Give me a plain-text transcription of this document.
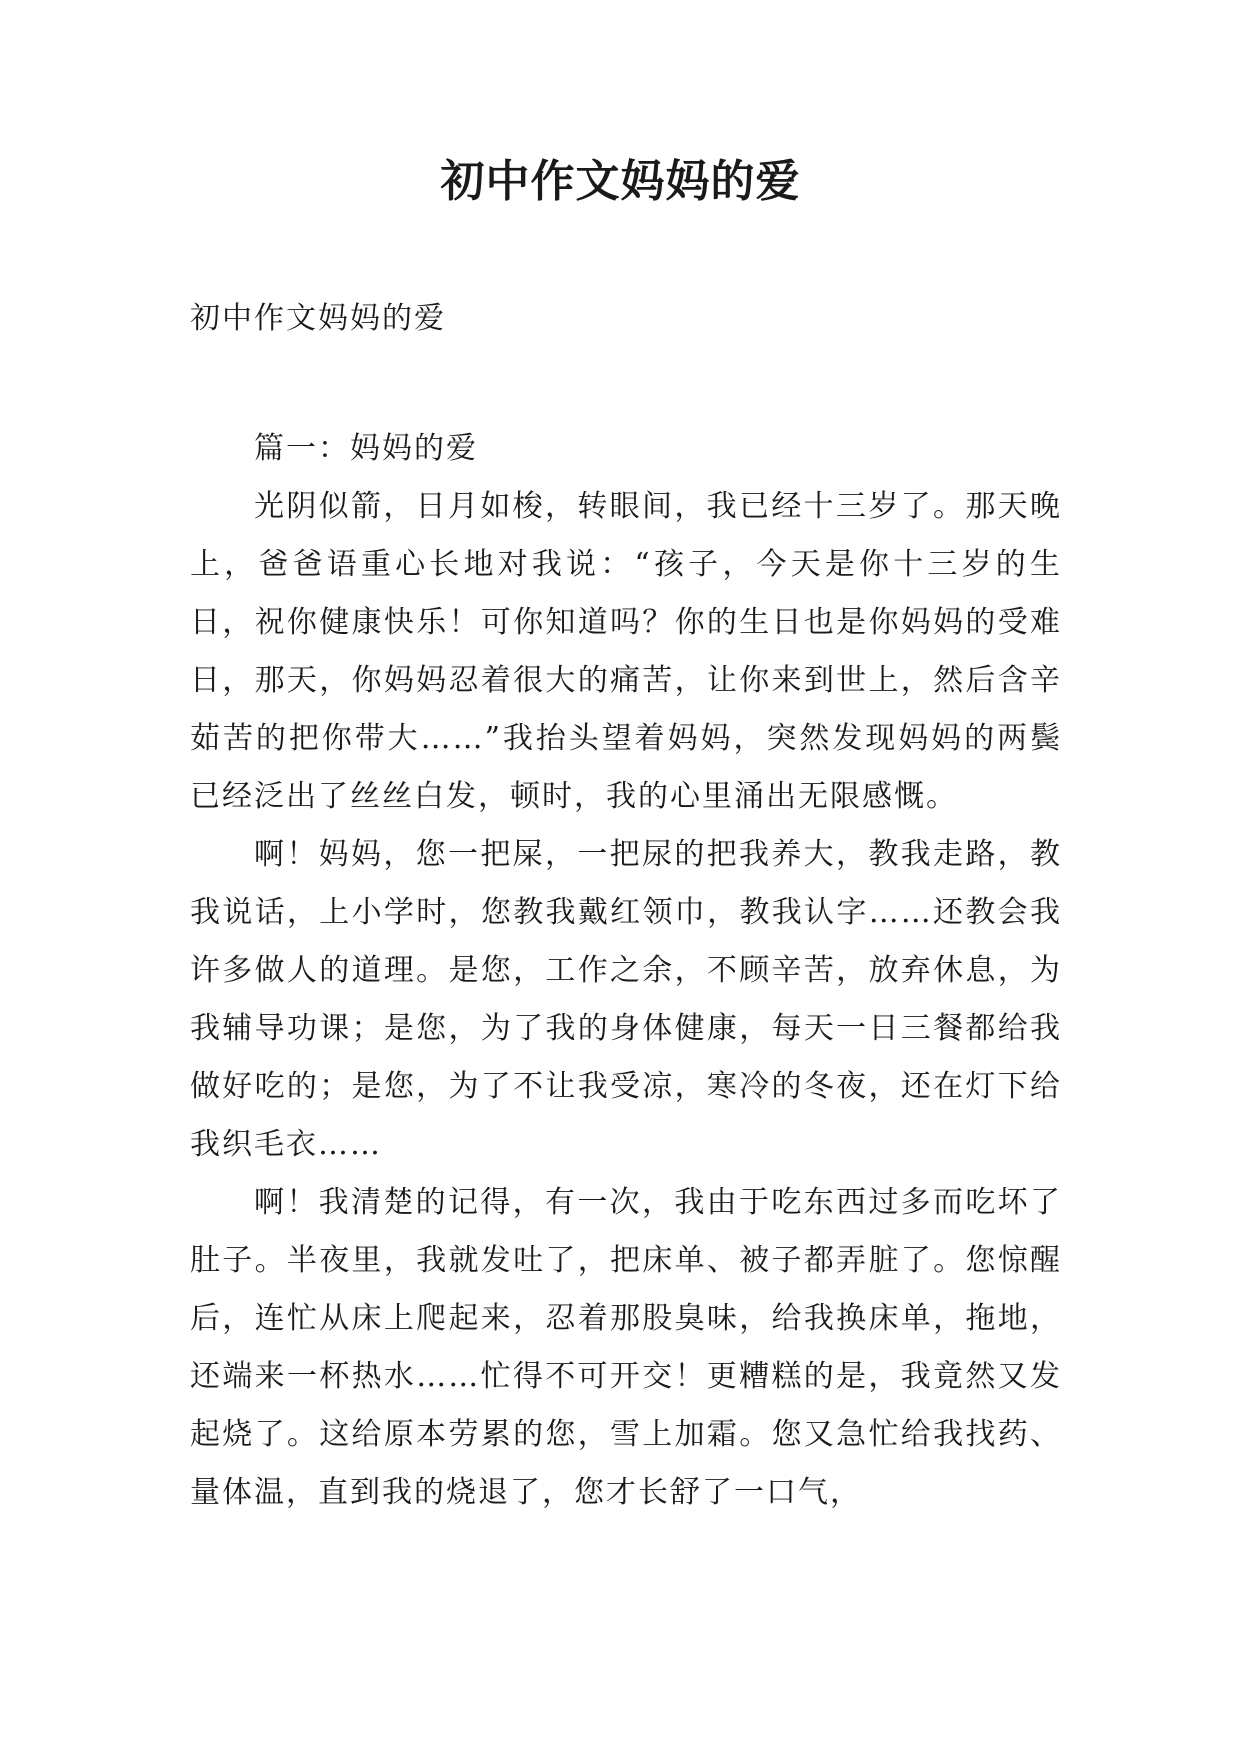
初中作文妈妈的爱

初中作文妈妈的爱

篇一：妈妈的爱

光阴似箭，日月如梭，转眼间，我已经十三岁了。那天晚上，爸爸语重心长地对我说：“孩子，今天是你十三岁的生日，祝你健康快乐！可你知道吗？你的生日也是你妈妈的受难日，那天，你妈妈忍着很大的痛苦，让你来到世上，然后含辛茹苦的把你带大……”我抬头望着妈妈，突然发现妈妈的两鬓已经泛出了丝丝白发，顿时，我的心里涌出无限感慨。

啊！妈妈，您一把屎，一把尿的把我养大，教我走路，教我说话，上小学时，您教我戴红领巾，教我认字……还教会我许多做人的道理。是您，工作之余，不顾辛苦，放弃休息，为我辅导功课；是您，为了我的身体健康，每天一日三餐都给我做好吃的；是您，为了不让我受凉，寒冷的冬夜，还在灯下给我织毛衣……

啊！我清楚的记得，有一次，我由于吃东西过多而吃坏了肚子。半夜里，我就发吐了，把床单、被子都弄脏了。您惊醒后，连忙从床上爬起来，忍着那股臭味，给我换床单，拖地，还端来一杯热水……忙得不可开交！更糟糕的是，我竟然又发起烧了。这给原本劳累的您，雪上加霜。您又急忙给我找药、量体温，直到我的烧退了，您才长舒了一口气，
